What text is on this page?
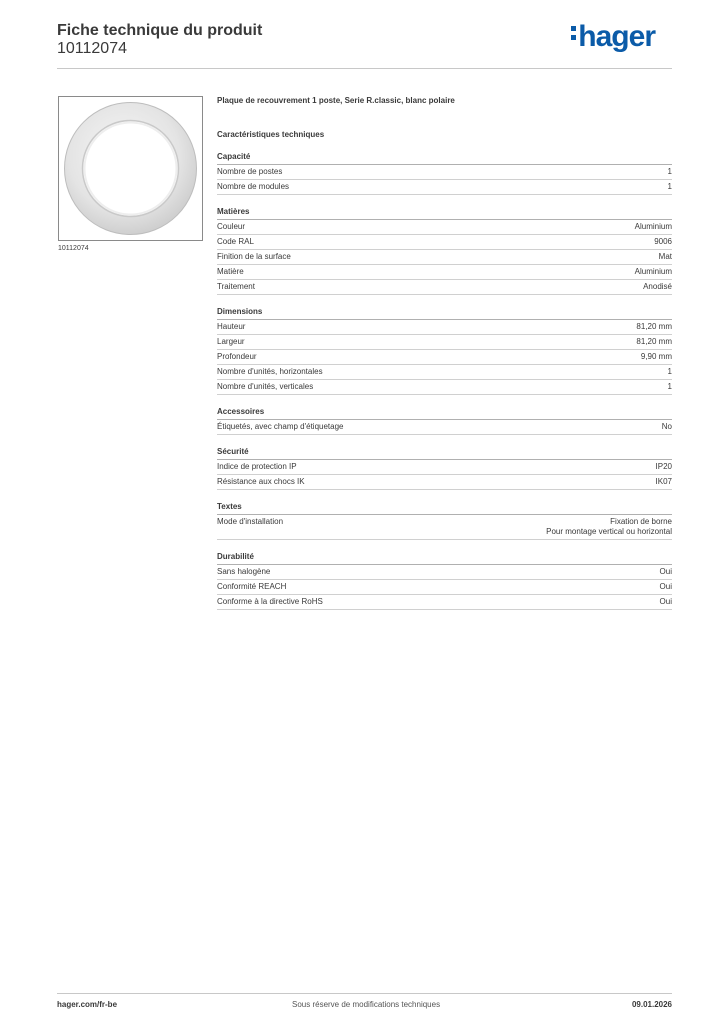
Fiche technique du produit
10112074	hager
10112074
Plaque de recouvrement 1 poste, Serie R.classic, blanc polaire
Caractéristiques techniques
Capacité
Nombre de postes	1
Nombre de modules	1
Matières
Couleur	Aluminium
Code RAL	9006
Finition de la surface	Mat
Matière	Aluminium
Traitement	Anodisé
Dimensions
Hauteur	81,20 mm
Largeur	81,20 mm
Profondeur	9,90 mm
Nombre d'unités, horizontales	1
Nombre d'unités, verticales	1
Accessoires
Étiquetés, avec champ d'étiquetage	No
Sécurité
Indice de protection IP	IP20
Résistance aux chocs IK	IK07
Textes
Mode d'installation	Fixation de borne
Pour montage vertical ou horizontal
Durabilité
Sans halogène	Oui
Conformité REACH	Oui
Conforme à la directive RoHS	Oui
hager.com/fr-be	Sous réserve de modifications techniques	09.01.2026
